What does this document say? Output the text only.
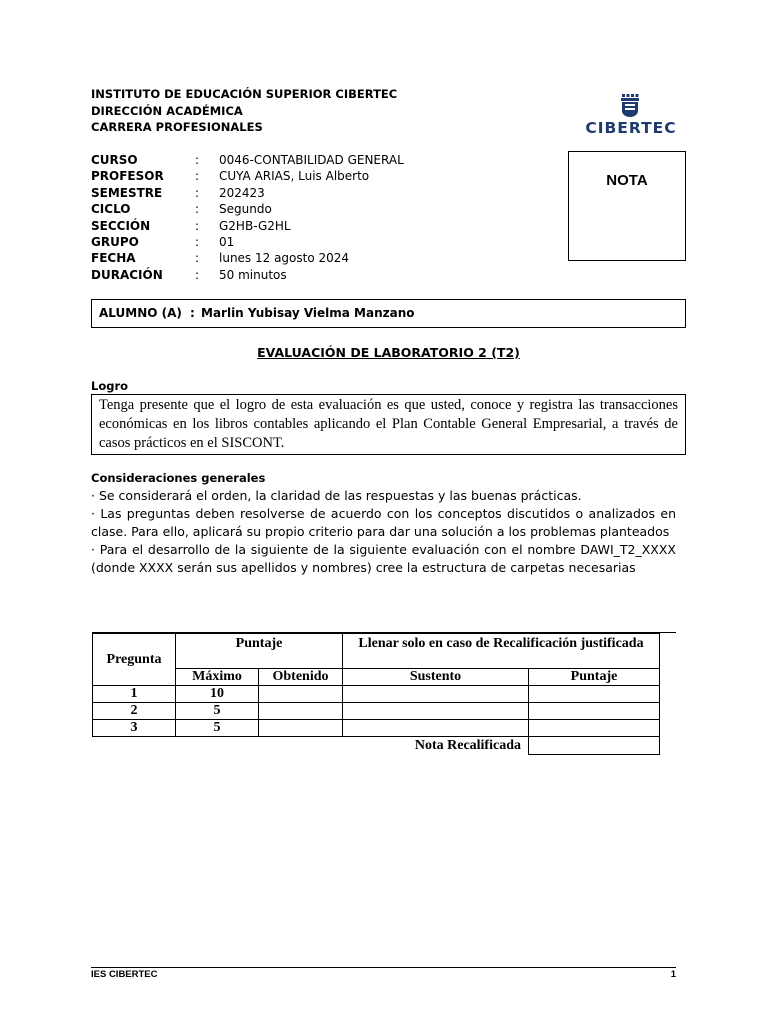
INSTITUTO DE EDUCACIÓN SUPERIOR CIBERTEC
DIRECCIÓN ACADÉMICA
CARRERA PROFESIONALES	CIBERTEC
CURSO	: 0046-CONTABILIDAD GENERAL
PROFESOR	: CUYA ARIAS, Luis Alberto
SEMESTRE	: 202423
CICLO	: Segundo
SECCIÓN	: G2HB-G2HL
GRUPO	: 01
FECHA	: lunes 12 agosto 2024
DURACIÓN	: 50 minutos
NOTA
ALUMNO (A) : Marlin Yubisay Vielma Manzano
EVALUACIÓN DE LABORATORIO 2 (T2)
Logro
Tenga presente que el logro de esta evaluación es que usted, conoce y registra las transacciones económicas en los libros contables aplicando el Plan Contable General Empresarial, a través de casos prácticos en el SISCONT.
Consideraciones generales

· Se considerará el orden, la claridad de las respuestas y las buenas prácticas.

· Las preguntas deben resolverse de acuerdo con los conceptos discutidos o analizados en clase. Para ello, aplicará su propio criterio para dar una solución a los problemas planteados

· Para el desarrollo de la siguiente de la siguiente evaluación con el nombre DAWI_T2_XXXX (donde XXXX serán sus apellidos y nombres) cree la estructura de carpetas necesarias

Pregunta	Puntaje		Llenar solo en caso de Recalificación justificada	
	Máximo	Obtenido	Sustento	Puntaje
1	10			
2	5			
3	5			
Nota Recalificada				
IES CIBERTEC	1
